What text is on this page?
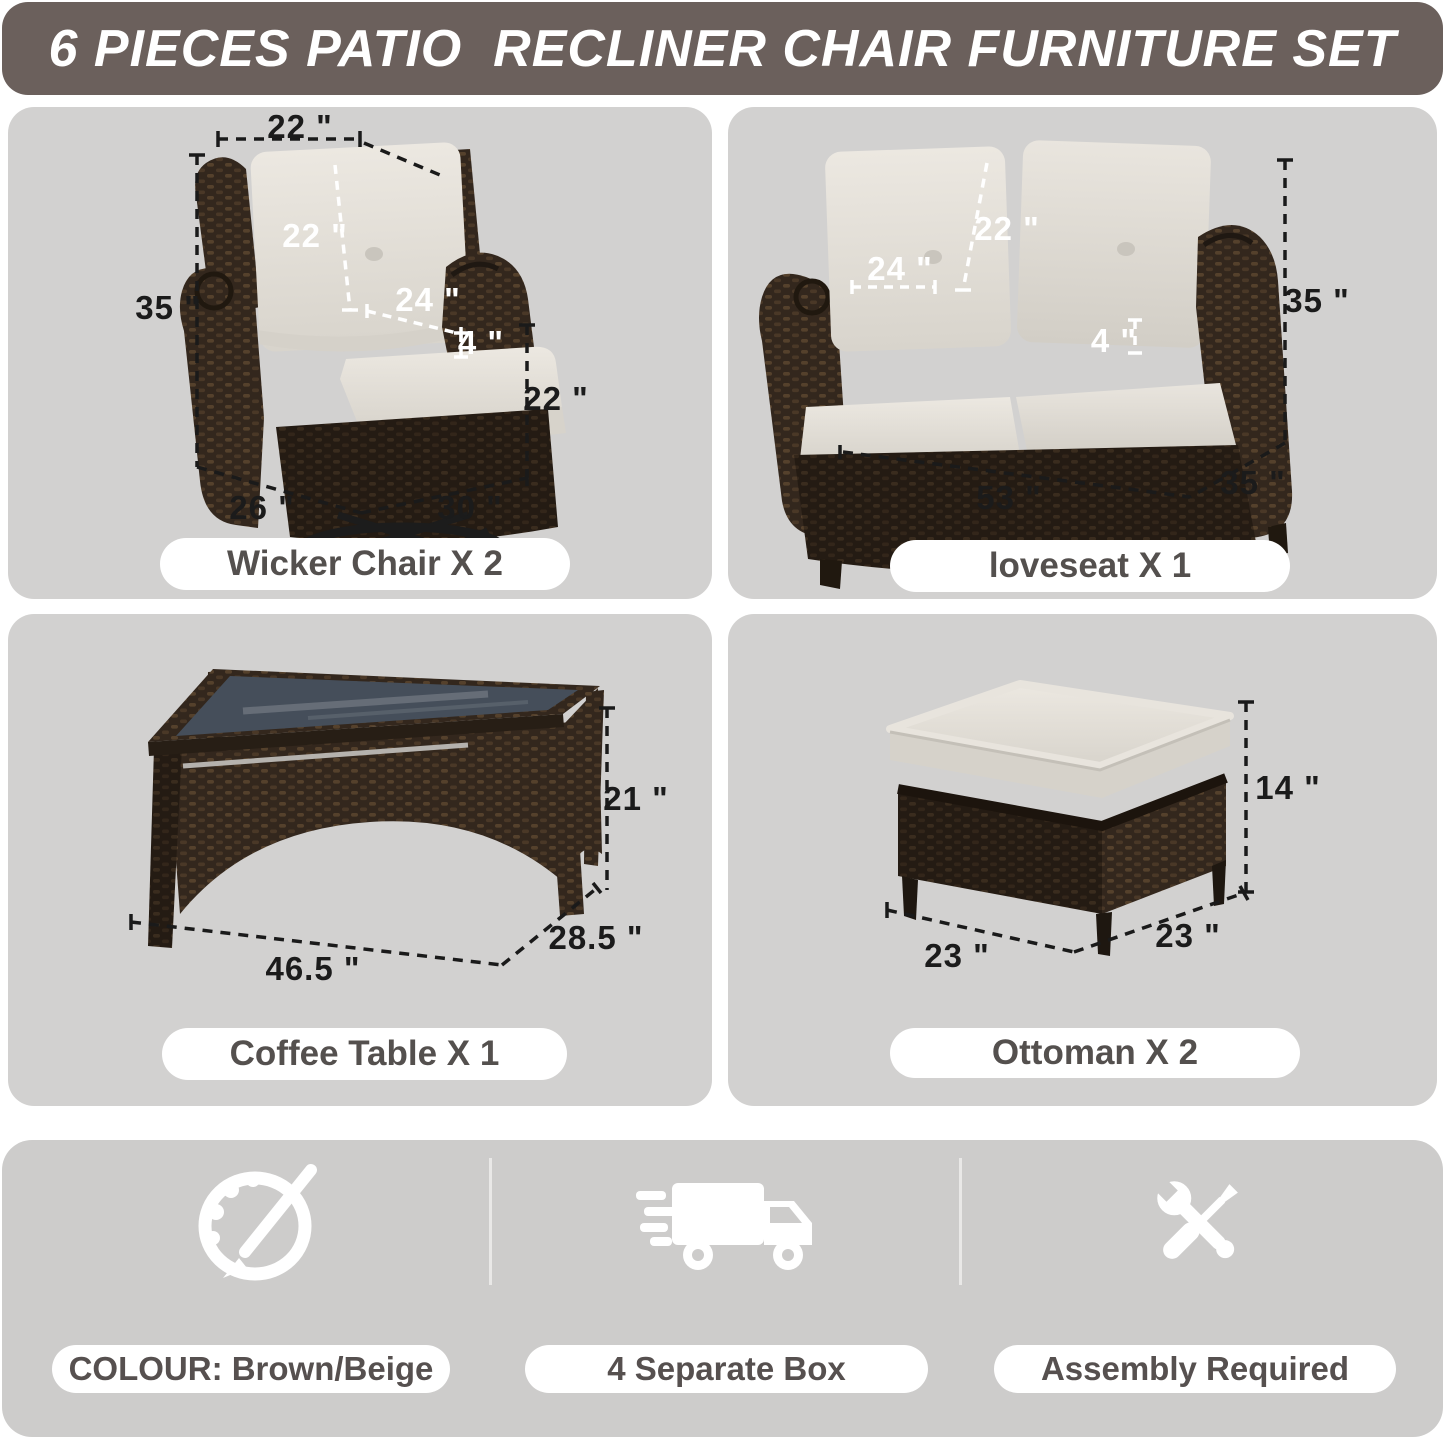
6 PIECES PATIO  RECLINER CHAIR FURNITURE SET
22 "
35 "
22 "
24 "
4 "
22 "
26 "	30 "
Wicker Chair X 2
22 "
24 "
4 "
35 "
53 "	35 "
loveseat X 1
21 "
46.5 "
28.5 "
Coffee Table X 1
14 "
23 "
23 "
Ottoman X 2
COLOUR: Brown/Beige	4 Separate Box	Assembly Required
